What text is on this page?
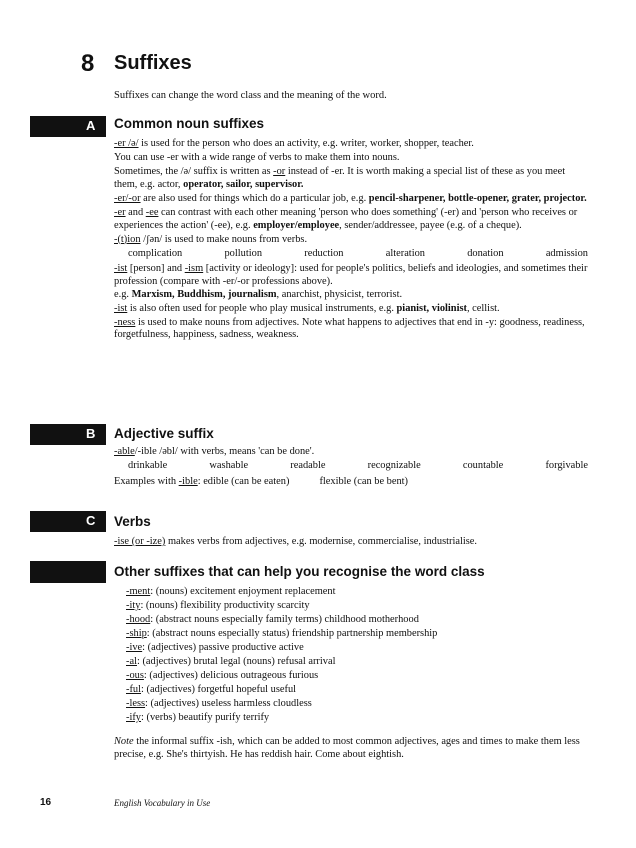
8 Suffixes
Suffixes can change the word class and the meaning of the word.
A Common noun suffixes

-er /ə/ is used for the person who does an activity, e.g. writer, worker, shopper, teacher.

You can use -er with a wide range of verbs to make them into nouns.

Sometimes, the /ə/ suffix is written as -or instead of -er. It is worth making a special list of these as you meet them, e.g. actor, operator, sailor, supervisor.

-er/-or are also used for things which do a particular job, e.g. pencil-sharpener, bottle-opener, grater, projector.

-er and -ee can contrast with each other meaning 'person who does something' (-er) and 'person who receives or experiences the action' (-ee), e.g. employer/employee, sender/addressee, payee (e.g. of a cheque).

-(t)ion /ʃən/ is used to make nouns from verbs.

complication	pollution	reduction	alteration	donation	admission

-ist [person] and -ism [activity or ideology]: used for people's politics, beliefs and ideologies, and sometimes their profession (compare with -er/-or professions above).
e.g. Marxism, Buddhism, journalism, anarchist, physicist, terrorist.

-ist is also often used for people who play musical instruments, e.g. pianist, violinist, cellist.

-ness is used to make nouns from adjectives. Note what happens to adjectives that end in -y: goodness, readiness, forgetfulness, happiness, sadness, weakness.

B Adjective suffix

-able/-ible /əbl/ with verbs, means 'can be done'.

drinkable	washable	readable	recognizable	countable	forgivable

Examples with -ible: edible (can be eaten)	flexible (can be bent)

C Verbs

-ise (or -ize) makes verbs from adjectives, e.g. modernise, commercialise, industrialise.

Other suffixes that can help you recognise the word class

-ment: (nouns) excitement enjoyment replacement

-ity: (nouns) flexibility productivity scarcity

-hood: (abstract nouns especially family terms) childhood motherhood

-ship: (abstract nouns especially status) friendship partnership membership

-ive: (adjectives) passive productive active

-al: (adjectives) brutal legal (nouns) refusal arrival

-ous: (adjectives) delicious outrageous furious

-ful: (adjectives) forgetful hopeful useful

-less: (adjectives) useless harmless cloudless

-ify: (verbs) beautify purify terrify

Note the informal suffix -ish, which can be added to most common adjectives, ages and times to make them less precise, e.g. She's thirtyish. He has reddish hair. Come about eightish.

16	English Vocabulary in Use
